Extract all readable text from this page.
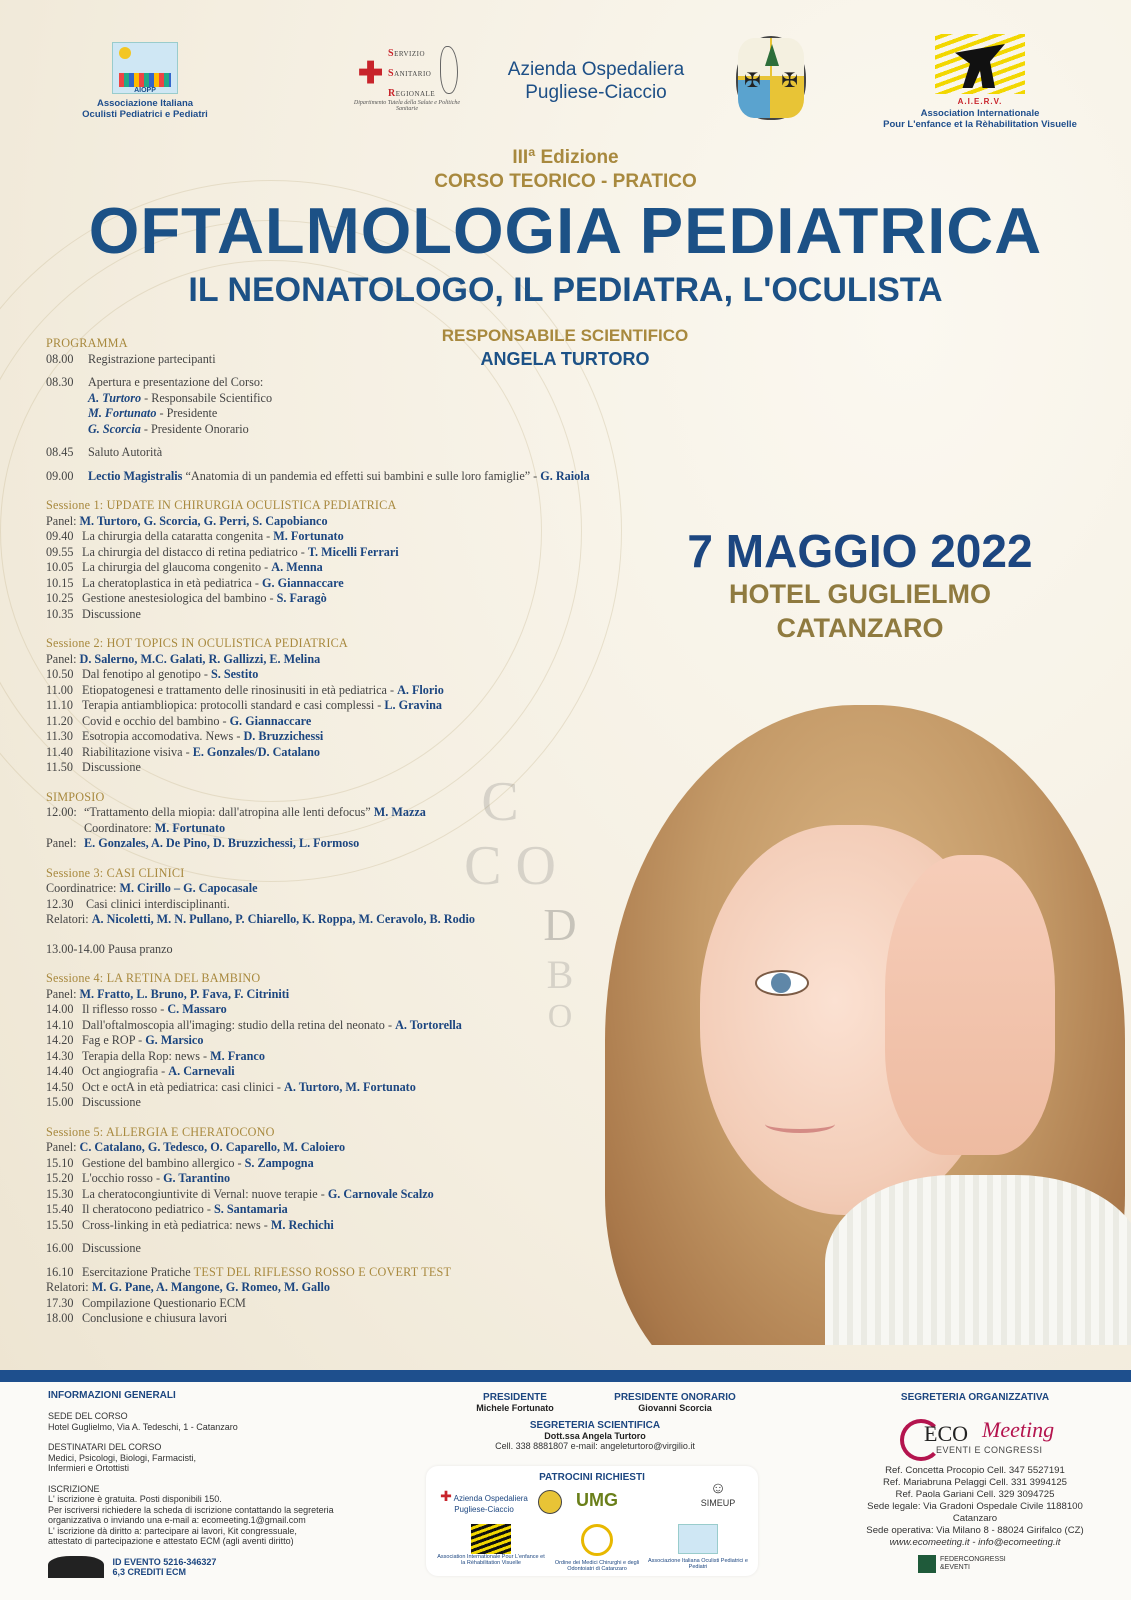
AIOPP
Associazione Italiana
Oculisti Pediatrici e Pediatri
✚
SERVIZIO
SANITARIO
REGIONALE
Dipartimento Tutela della Salute e Politiche Sanitarie
Azienda Ospedaliera
Pugliese-Ciaccio
✠ ✠
A.I.E.R.V.
Association Internationale
Pour L'enfance et la Rèhabilitation Visuelle
IIIª Edizione
CORSO TEORICO - PRATICO
OFTALMOLOGIA PEDIATRICA
IL NEONATOLOGO, IL PEDIATRA, L'OCULISTA
RESPONSABILE SCIENTIFICO
ANGELA TURTORO
7 MAGGIO 2022
HOTEL GUGLIELMO
CATANZARO
C
C O
D
B
O
PROGRAMMA
08.00 Registrazione partecipanti
08.30 Apertura e presentazione del Corso:
A. Turtoro - Responsabile Scientifico
M. Fortunato - Presidente
G. Scorcia - Presidente Onorario
08.45 Saluto Autorità
09.00 Lectio Magistralis “Anatomia di un pandemia ed effetti sui bambini e sulle loro famiglie” - G. Raiola
Sessione 1: UPDATE IN CHIRURGIA OCULISTICA PEDIATRICA
Panel: M. Turtoro, G. Scorcia, G. Perri, S. Capobianco
09.40 La chirurgia della cataratta congenita - M. Fortunato
09.55 La chirurgia del distacco di retina pediatrico - T. Micelli Ferrari
10.05 La chirurgia del glaucoma congenito - A. Menna
10.15 La cheratoplastica in età pediatrica - G. Giannaccare
10.25 Gestione anestesiologica del bambino - S. Faragò
10.35 Discussione
Sessione 2: HOT TOPICS IN OCULISTICA PEDIATRICA
Panel: D. Salerno, M.C. Galati, R. Gallizzi, E. Melina
10.50 Dal fenotipo al genotipo - S. Sestito
11.00 Etiopatogenesi e trattamento delle rinosinusiti in età pediatrica - A. Florio
11.10 Terapia antiambliopica: protocolli standard e casi complessi - L. Gravina
11.20 Covid e occhio del bambino - G. Giannaccare
11.30 Esotropia accomodativa. News - D. Bruzzichessi
11.40 Riabilitazione visiva - E. Gonzales/D. Catalano
11.50 Discussione
SIMPOSIO
12.00: “Trattamento della miopia: dall'atropina alle lenti defocus” M. Mazza
Coordinatore: M. Fortunato
Panel: E. Gonzales, A. De Pino, D. Bruzzichessi, L. Formoso
Sessione 3: CASI CLINICI
Coordinatrice: M. Cirillo – G. Capocasale
12.30 Casi clinici interdisciplinanti.
Relatori: A. Nicoletti, M. N. Pullano, P. Chiarello, K. Roppa, M. Ceravolo, B. Rodio
13.00-14.00 Pausa pranzo
Sessione 4: LA RETINA DEL BAMBINO
Panel: M. Fratto, L. Bruno, P. Fava, F. Citriniti
14.00 Il riflesso rosso - C. Massaro
14.10 Dall'oftalmoscopia all'imaging: studio della retina del neonato - A. Tortorella
14.20 Fag e ROP - G. Marsico
14.30 Terapia della Rop: news - M. Franco
14.40 Oct angiografia - A. Carnevali
14.50 Oct e octA in età pediatrica: casi clinici - A. Turtoro, M. Fortunato
15.00 Discussione
Sessione 5: ALLERGIA E CHERATOCONO
Panel: C. Catalano, G. Tedesco, O. Caparello, M. Caloiero
15.10 Gestione del bambino allergico - S. Zampogna
15.20 L'occhio rosso - G. Tarantino
15.30 La cheratocongiuntivite di Vernal: nuove terapie - G. Carnovale Scalzo
15.40 Il cheratocono pediatrico - S. Santamaria
15.50 Cross-linking in età pediatrica: news - M. Rechichi
16.00 Discussione
16.10 Esercitazione Pratiche TEST DEL RIFLESSO ROSSO E COVERT TEST
Relatori: M. G. Pane, A. Mangone, G. Romeo, M. Gallo
17.30 Compilazione Questionario ECM
18.00 Conclusione e chiusura lavori
INFORMAZIONI GENERALI
SEDE DEL CORSO
Hotel Guglielmo, Via A. Tedeschi, 1 - Catanzaro
DESTINATARI DEL CORSO
Medici, Psicologi, Biologi, Farmacisti,
Infermieri e Ortottisti
ISCRIZIONE
L' iscrizione è gratuita. Posti disponibili 150.
Per iscriversi richiedere la scheda di iscrizione contattando la segreteria
organizzativa o inviando una e-mail a: ecomeeting.1@gmail.com
L' iscrizione dà diritto a: partecipare ai lavori, Kit congressuale,
attestato di partecipazione e attestato ECM (agli aventi diritto)

ID EVENTO 5216-346327
6,3 CREDITI ECM
PRESIDENTE
Michele Fortunato
PRESIDENTE ONORARIO
Giovanni Scorcia
SEGRETERIA SCIENTIFICA
Dott.ssa Angela Turtoro
Cell. 338 8881807 e-mail: angeleturtoro@virgilio.it
PATROCINI RICHIESTI
✚ Azienda Ospedaliera
Pugliese-Ciaccio	UMG
☺
SIMEUP
Association Internationale Pour L'enfance et la Rèhabilitation Visuelle	Ordine dei Medici Chirurghi e degli Odontoiatri di Catanzaro
Associazione Italiana Oculisti Pediatrici e Pediatri
SEGRETERIA ORGANIZZATIVA
ECO Meeting
EVENTI E CONGRESSI
Ref. Concetta Procopio Cell. 347 5527191
Ref. Mariabruna Pelaggi Cell. 331 3994125
Ref. Paola Gariani Cell. 329 3094725
Sede legale: Via Gradoni Ospedale Civile 1188100 Catanzaro
Sede operativa: Via Milano 8 - 88024 Girifalco (CZ)
www.ecomeeting.it - info@ecomeeting.it
FEDERCONGRESSI
&EVENTI
